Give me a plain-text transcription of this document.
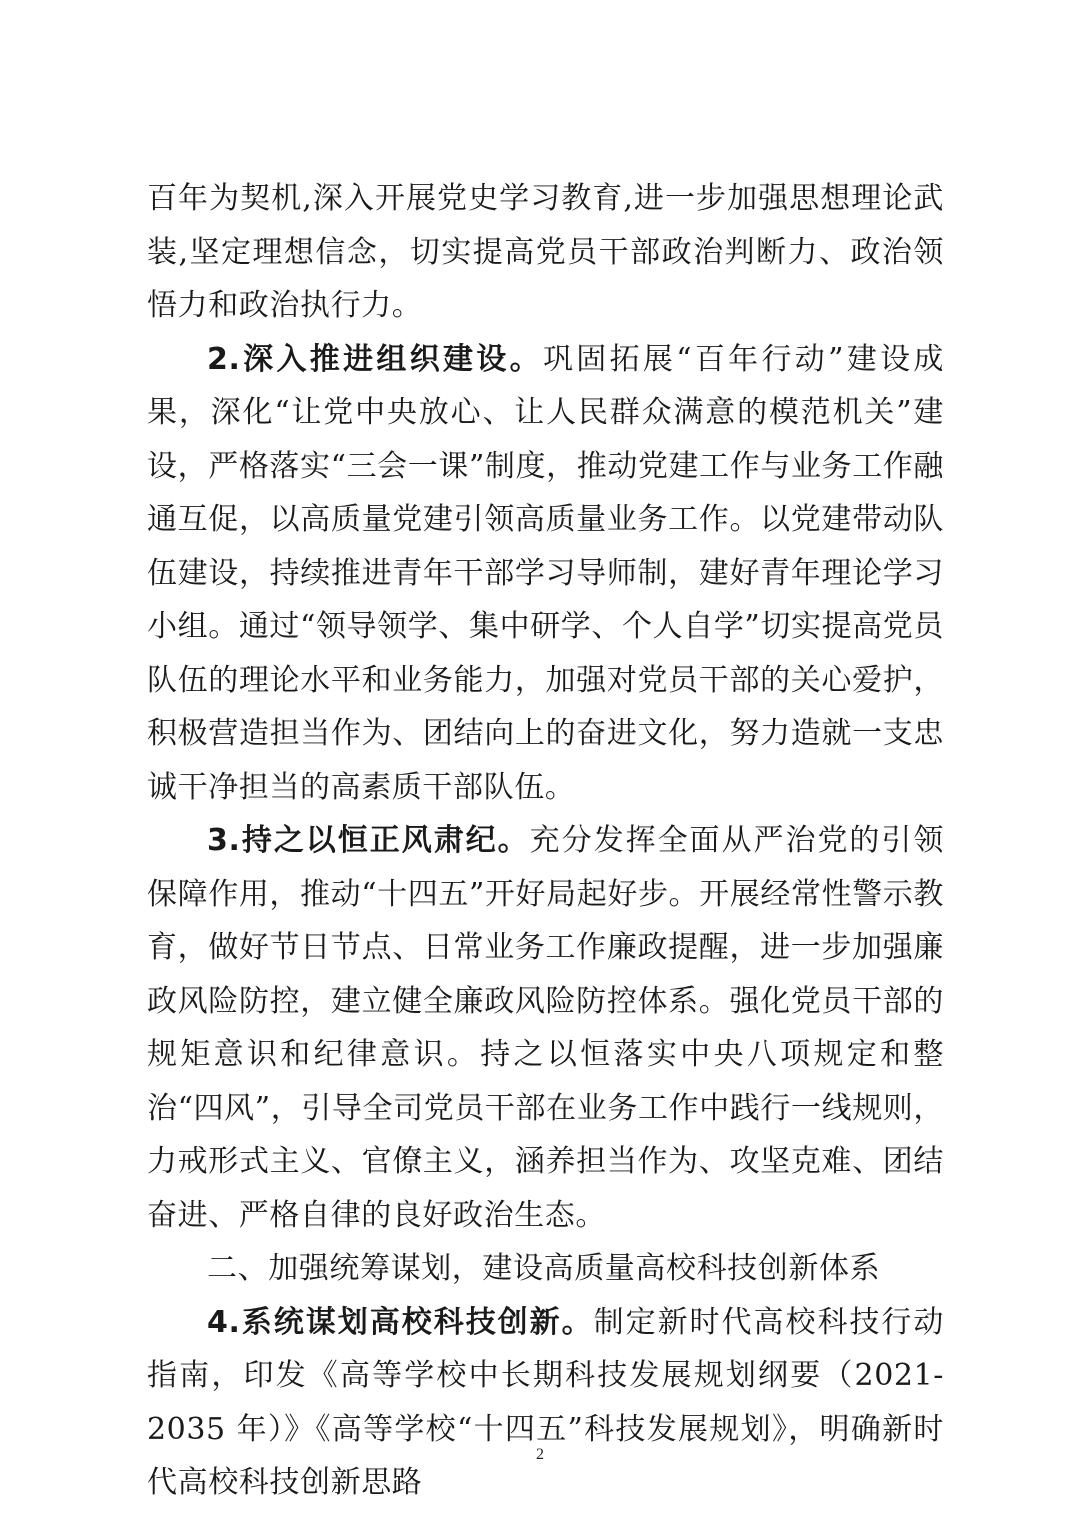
百年为契机,深入开展党史学习教育,进一步加强思想理论武装,坚定理想信念，切实提高党员干部政治判断力、政治领悟力和政治执行力。

2.深入推进组织建设。巩固拓展“百年行动”建设成果，深化“让党中央放心、让人民群众满意的模范机关”建设，严格落实“三会一课”制度，推动党建工作与业务工作融通互促，以高质量党建引领高质量业务工作。以党建带动队伍建设，持续推进青年干部学习导师制，建好青年理论学习小组。通过“领导领学、集中研学、个人自学”切实提高党员队伍的理论水平和业务能力，加强对党员干部的关心爱护，积极营造担当作为、团结向上的奋进文化，努力造就一支忠诚干净担当的高素质干部队伍。

3.持之以恒正风肃纪。充分发挥全面从严治党的引领保障作用，推动“十四五”开好局起好步。开展经常性警示教育，做好节日节点、日常业务工作廉政提醒，进一步加强廉政风险防控，建立健全廉政风险防控体系。强化党员干部的规矩意识和纪律意识。持之以恒落实中央八项规定和整治“四风”，引导全司党员干部在业务工作中践行一线规则，力戒形式主义、官僚主义，涵养担当作为、攻坚克难、团结奋进、严格自律的良好政治生态。

二、加强统筹谋划，建设高质量高校科技创新体系

4.系统谋划高校科技创新。制定新时代高校科技行动指南，印发《高等学校中长期科技发展规划纲要（2021-2035 年）》《高等学校“十四五”科技发展规划》，明确新时代高校科技创新思路

2
